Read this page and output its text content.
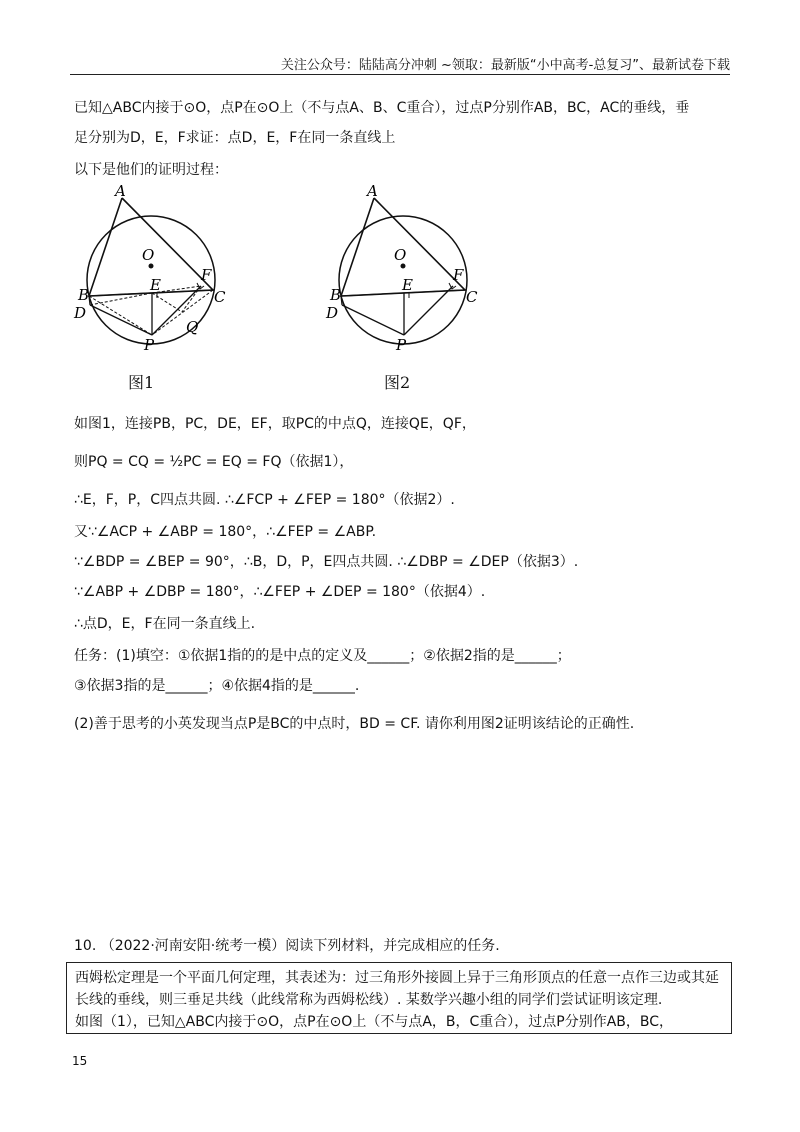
关注公众号：陆陆高分冲刺 ~领取：最新版“小中高考-总复习”、最新试卷下载
已知△ABC内接于⊙O，点P在⊙O上（不与点A、B、C重合），过点P分别作AB，BC，AC的垂线，垂
足分别为D，E，F求证：点D，E，F在同一条直线上
以下是他们的证明过程：
A
O
F
B
E
C
D
P
Q
图1
A
O
F
B
E
C
D
P
图2
如图1，连接PB，PC，DE，EF，取PC的中点Q，连接QE，QF，
则PQ = CQ = ½PC = EQ = FQ（依据1），
∴E，F，P，C四点共圆. ∴∠FCP + ∠FEP = 180°（依据2）.
又∵∠ACP + ∠ABP = 180°，∴∠FEP = ∠ABP.
∵∠BDP = ∠BEP = 90°，∴B，D，P，E四点共圆. ∴∠DBP = ∠DEP（依据3）.
∵∠ABP + ∠DBP = 180°，∴∠FEP + ∠DEP = 180°（依据4）.
∴点D，E，F在同一条直线上.
任务：(1)填空：①依据1指的的是中点的定义及______；②依据2指的是______；
③依据3指的是______；④依据4指的是______.
(2)善于思考的小英发现当点P是BC的中点时，BD = CF. 请你利用图2证明该结论的正确性.
10. （2022·河南安阳·统考一模）阅读下列材料，并完成相应的任务.
西姆松定理是一个平面几何定理，其表述为：过三角形外接圆上异于三角形顶点的任意一点作三边或其延
长线的垂线，则三垂足共线（此线常称为西姆松线）. 某数学兴趣小组的同学们尝试证明该定理.
如图（1），已知△ABC内接于⊙O，点P在⊙O上（不与点A，B，C重合），过点P分别作AB，BC，
15
